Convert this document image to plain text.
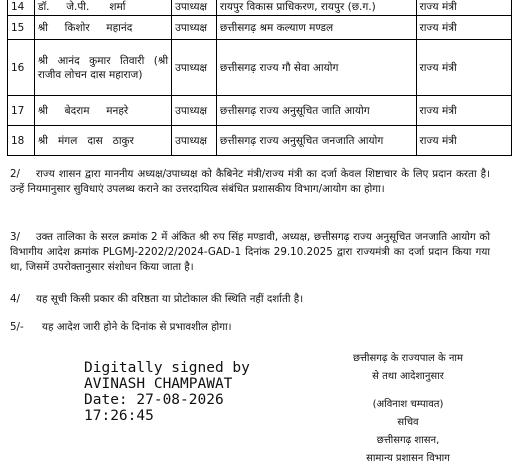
14	डॉ.     जे.पी.      शर्मा	उपाध्यक्ष	रायपुर विकास प्राधिकरण, रायपुर (छ.ग.)	राज्य मंत्री
15	श्री     किशोर     महानंद	उपाध्यक्ष	छत्तीसगढ़ श्रम कल्याण मण्डल	राज्य मंत्री
16	श्री आनंद कुमार तिवारी (श्री राजीव लोचन दास महाराज)	उपाध्यक्ष	छत्तीसगढ़ राज्य गौ सेवा आयोग	राज्य मंत्री
17	श्री     बेदराम     मनहरे	उपाध्यक्ष	छत्तीसगढ़ राज्य अनुसूचित जाति आयोग	राज्य मंत्री
18	श्री   मंगल   दास   ठाकुर	उपाध्यक्ष	छत्तीसगढ़ राज्य अनुसूचित जनजाति आयोग	राज्य मंत्री

2/ राज्य शासन द्वारा माननीय अध्यक्ष/उपाध्यक्ष को कैबिनेट मंत्री/राज्य मंत्री का दर्जा केवल शिष्टाचार के लिए प्रदान करता है। उन्हें नियमानुसार सुविधाएं उपलब्ध कराने का उत्तरदायित्व संबंधित प्रशासकीय विभाग/आयोग का होगा।

3/ उक्त तालिका के सरल क्रमांक 2 में अंकित श्री रुप सिंह मण्डावी, अध्यक्ष, छत्तीसगढ़ राज्य अनुसूचित जनजाति आयोग को विभागीय आदेश क्रमांक PLGMJ-2202/2/2024-GAD-1 दिनांक 29.10.2025 द्वारा राज्यमंत्री का दर्जा प्रदान किया गया था, जिसमें उपरोक्तानुसार संशोधन किया जाता है।

4/ यह सूची किसी प्रकार की वरिष्ठता या प्रोटोकाल की स्थिति नहीं दर्शाती है।

5/- यह आदेश जारी होने के दिनांक से प्रभावशील होगा।

Digitally signed by
AVINASH CHAMPAWAT
Date: 27-08-2026
17:26:45
छत्तीसगढ़ के राज्यपाल के नाम
से तथा आदेशानुसार
(अविनाश चम्पावत)
सचिव
छत्तीसगढ़ शासन,
सामान्य प्रशासन विभाग
